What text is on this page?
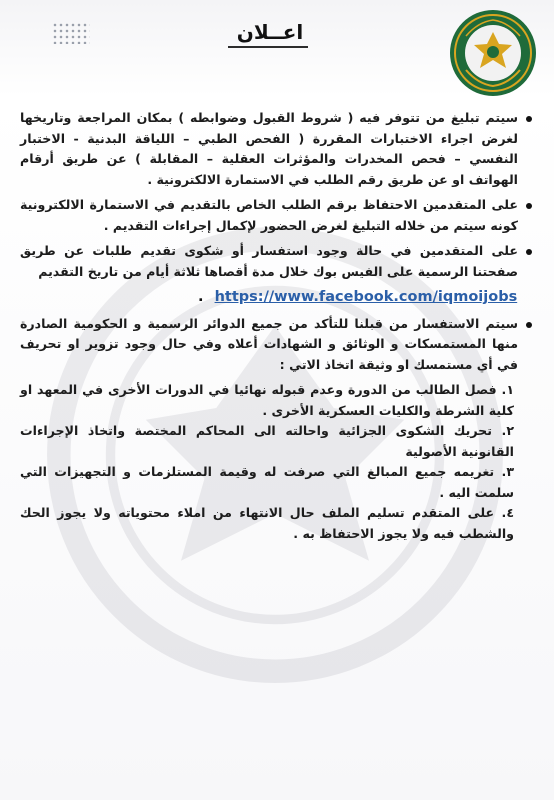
اعــلان
سيتم تبليغ من تتوفر فيه ( شروط القبول وضوابطه ) بمكان المراجعة وتاريخها لغرض اجراء الاختبارات المقررة ( الفحص الطبي – اللياقة البدنية - الاختبار النفسي – فحص المخدرات والمؤثرات العقلية – المقابلة ) عن طريق أرقام الهواتف او عن طريق رقم الطلب في الاستمارة الالكترونية .
على المتقدمين الاحتفاظ برقم الطلب الخاص بالتقديم في الاستمارة الالكترونية كونه سيتم من خلاله التبليغ لغرض الحضور لإكمال إجراءات التقديم .
على المتقدمين في حالة وجود استفسار أو شكوى تقديم طلبات عن طريق صفحتنا الرسمية على الفيس بوك خلال مدة أقصاها ثلاثة أيام من تاريخ التقديم
. https://www.facebook.com/iqmoijobs
سيتم الاستفسار من قبلنا للتأكد من جميع الدوائر الرسمية و الحكومية الصادرة منها المستمسكات و الوثائق و الشهادات أعلاه وفي حال وجود تزوير او تحريف في أي مستمسك او وثيقة اتخاذ الاتي :
١. فصل الطالب من الدورة وعدم قبوله نهائيا في الدورات الأخرى في المعهد او كلية الشرطة والكليات العسكرية الأخرى .
٢. تحريك الشكوى الجزائية واحالته الى المحاكم المختصة واتخاذ الإجراءات القانونية الأصولية
٣. تغريمه جميع المبالغ التي صرفت له وقيمة المستلزمات و التجهيزات التي سلمت اليه .
٤. على المتقدم تسليم الملف حال الانتهاء من املاء محتوياته ولا يجوز الحك والشطب فيه ولا يجوز الاحتفاظ به .
